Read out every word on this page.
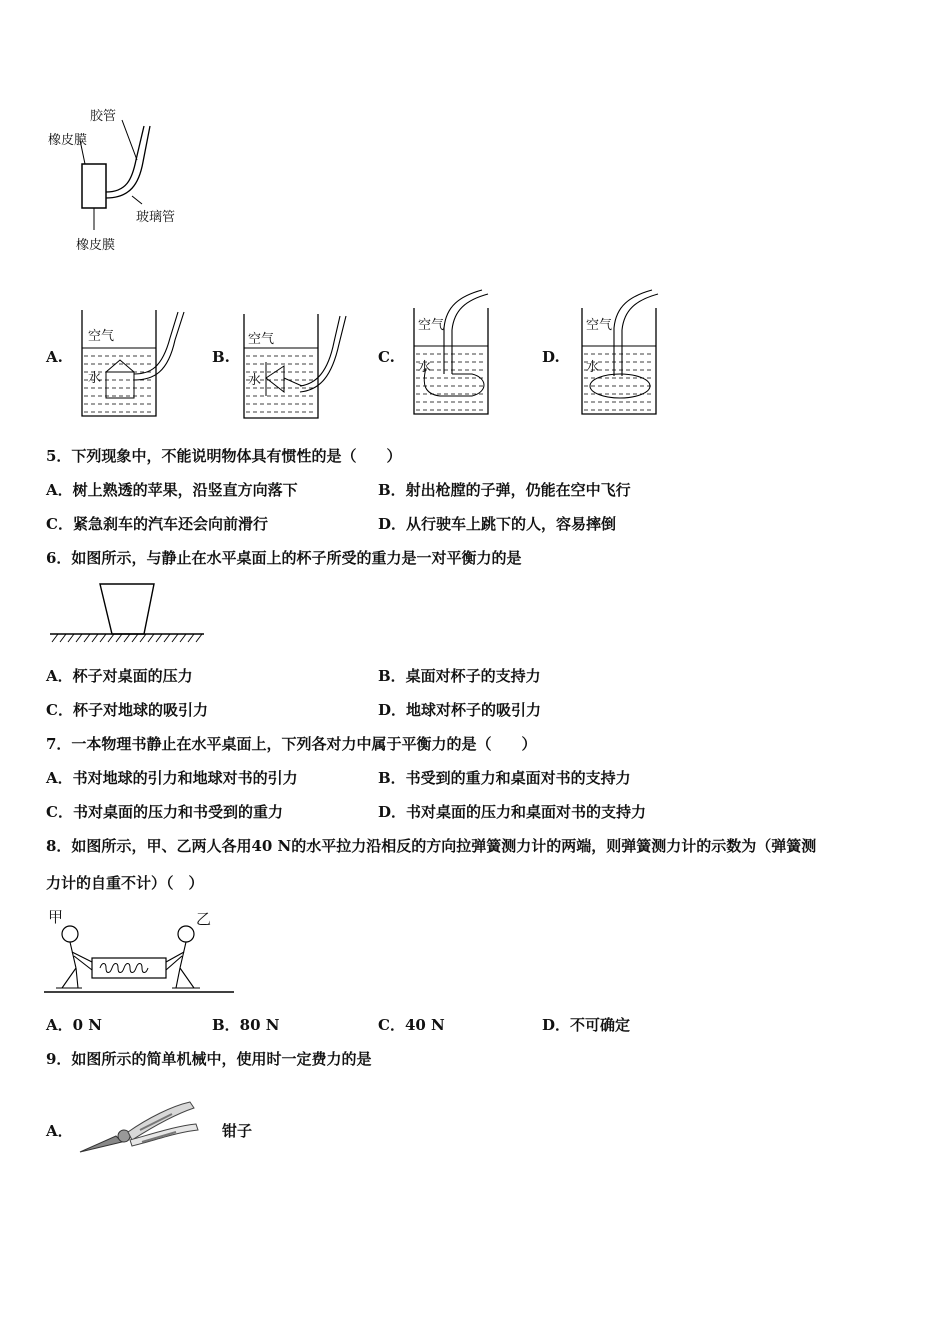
胶管
橡皮膜
玻璃管
橡皮膜
A.
空气
水
B.
空气
水
C.
空气
水
D.
空气
水
5．下列现象中，不能说明物体具有惯性的是（　　）
A．树上熟透的苹果，沿竖直方向落下	B．射出枪膛的子弹，仍能在空中飞行
C．紧急刹车的汽车还会向前滑行	D．从行驶车上跳下的人，容易摔倒
6．如图所示，与静止在水平桌面上的杯子所受的重力是一对平衡力的是
A．杯子对桌面的压力	B．桌面对杯子的支持力
C．杯子对地球的吸引力	D．地球对杯子的吸引力
7．一本物理书静止在水平桌面上，下列各对力中属于平衡力的是（　　）
A．书对地球的引力和地球对书的引力	B．书受到的重力和桌面对书的支持力
C．书对桌面的压力和书受到的重力	D．书对桌面的压力和桌面对书的支持力
8．如图所示，甲、乙两人各用40 N的水平拉力沿相反的方向拉弹簧测力计的两端，则弹簧测力计的示数为（弹簧测
力计的自重不计）（　）
甲	乙
A．0 N	B．80 N	C．40 N	D．不可确定
9．如图所示的简单机械中，使用时一定费力的是
A．	钳子
